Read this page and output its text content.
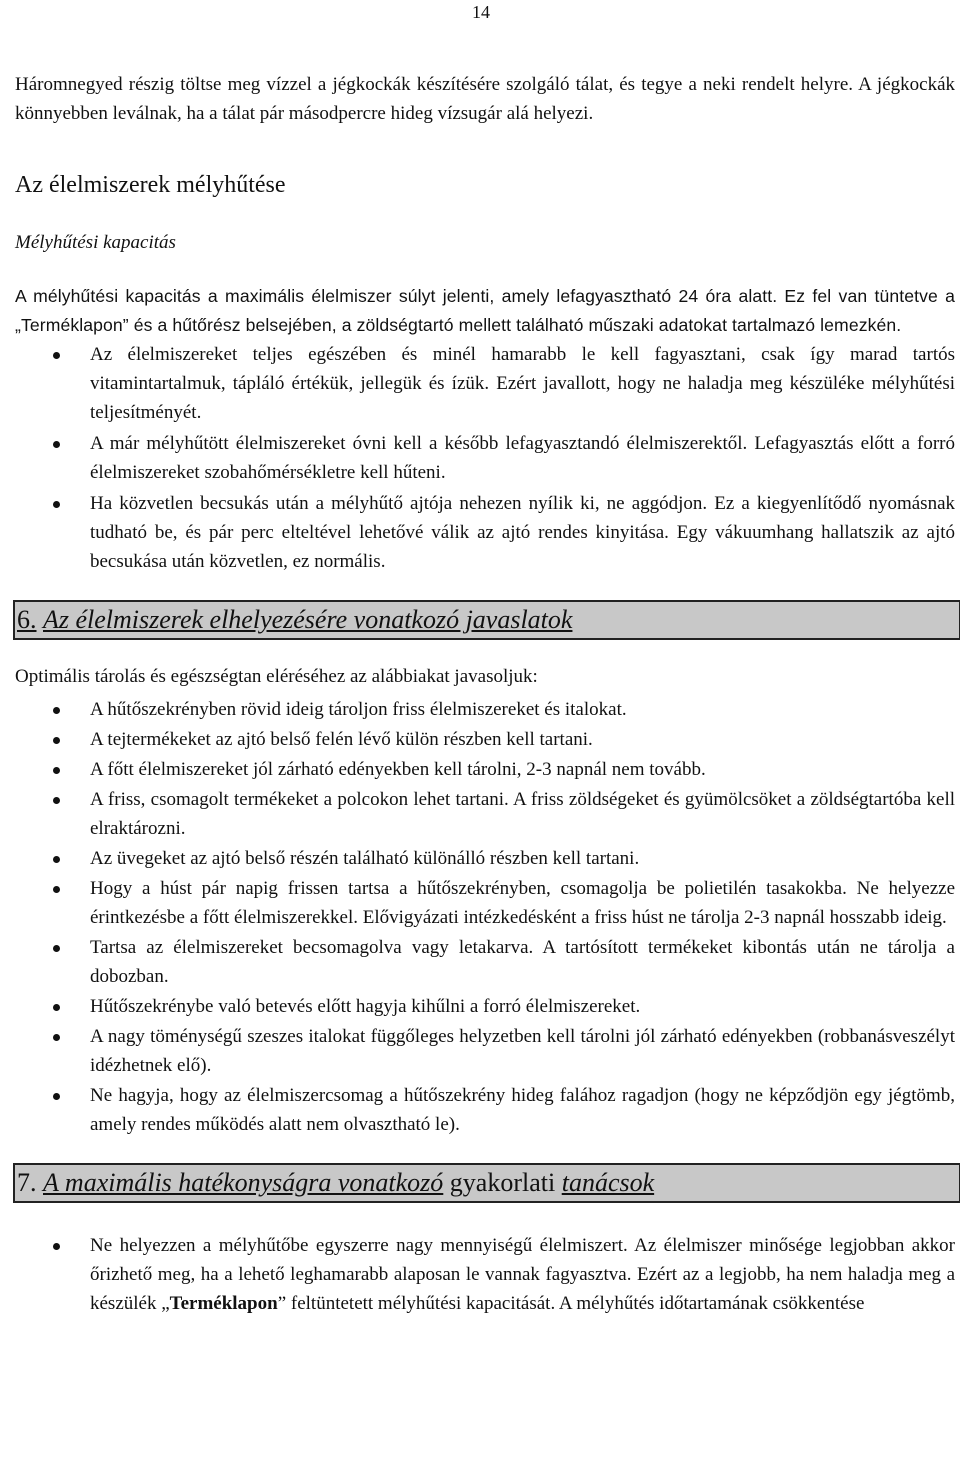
14

Háromnegyed részig töltse meg vízzel a jégkockák készítésére szolgáló tálat, és tegye a neki rendelt helyre. A jégkockák könnyebben leválnak, ha a tálat pár másodpercre hideg vízsugár alá helyezi.

Az élelmiszerek mélyhűtése
Mélyhűtési kapacitás

A mélyhűtési kapacitás a maximális élelmiszer súlyt jelenti, amely lefagyasztható 24 óra alatt. Ez fel van tüntetve a „Terméklapon” és a hűtőrész belsejében, a zöldségtartó mellett található műszaki adatokat tartalmazó lemezkén.

Az élelmiszereket teljes egészében és minél hamarabb le kell fagyasztani, csak így marad tartós vitamintartalmuk, tápláló értékük, jellegük és ízük. Ezért javallott, hogy ne haladja meg készüléke mélyhűtési teljesítményét.
A már mélyhűtött élelmiszereket óvni kell a később lefagyasztandó élelmiszerektől. Lefagyasztás előtt a forró élelmiszereket szobahőmérsékletre kell hűteni.
Ha közvetlen becsukás után a mélyhűtő ajtója nehezen nyílik ki, ne aggódjon. Ez a kiegyenlítődő nyomásnak tudható be, és pár perc elteltével lehetővé válik az ajtó rendes kinyitása. Egy vákuumhang hallatszik az ajtó becsukása után közvetlen, ez normális.
6. Az élelmiszerek elhelyezésére vonatkozó javaslatok

Optimális tárolás és egészségtan eléréséhez az alábbiakat javasoljuk:

A hűtőszekrényben rövid ideig tároljon friss élelmiszereket és italokat.
A tejtermékeket az ajtó belső felén lévő külön részben kell tartani.
A főtt élelmiszereket jól zárható edényekben kell tárolni, 2-3 napnál nem tovább.
A friss, csomagolt termékeket a polcokon lehet tartani. A friss zöldségeket és gyümölcsöket a zöldségtartóba kell elraktározni.
Az üvegeket az ajtó belső részén található különálló részben kell tartani.
Hogy a húst pár napig frissen tartsa a hűtőszekrényben, csomagolja be polietilén tasakokba. Ne helyezze érintkezésbe a főtt élelmiszerekkel. Elővigyázati intézkedésként a friss húst ne tárolja 2-3 napnál hosszabb ideig.
Tartsa az élelmiszereket becsomagolva vagy letakarva. A tartósított termékeket kibontás után ne tárolja a dobozban.
Hűtőszekrénybe való betevés előtt hagyja kihűlni a forró élelmiszereket.
A nagy töménységű szeszes italokat függőleges helyzetben kell tárolni jól zárható edényekben (robbanásveszélyt idézhetnek elő).
Ne hagyja, hogy az élelmiszercsomag a hűtőszekrény hideg falához ragadjon (hogy ne képződjön egy jégtömb, amely rendes működés alatt nem olvasztható le).
7. A maximális hatékonyságra vonatkozó gyakorlati tanácsok
Ne helyezzen a mélyhűtőbe egyszerre nagy mennyiségű élelmiszert. Az élelmiszer minősége legjobban akkor őrizhető meg, ha a lehető leghamarabb alaposan le vannak fagyasztva. Ezért az a legjobb, ha nem haladja meg a készülék „Terméklapon” feltüntetett mélyhűtési kapacitását. A mélyhűtés időtartamának csökkentése
